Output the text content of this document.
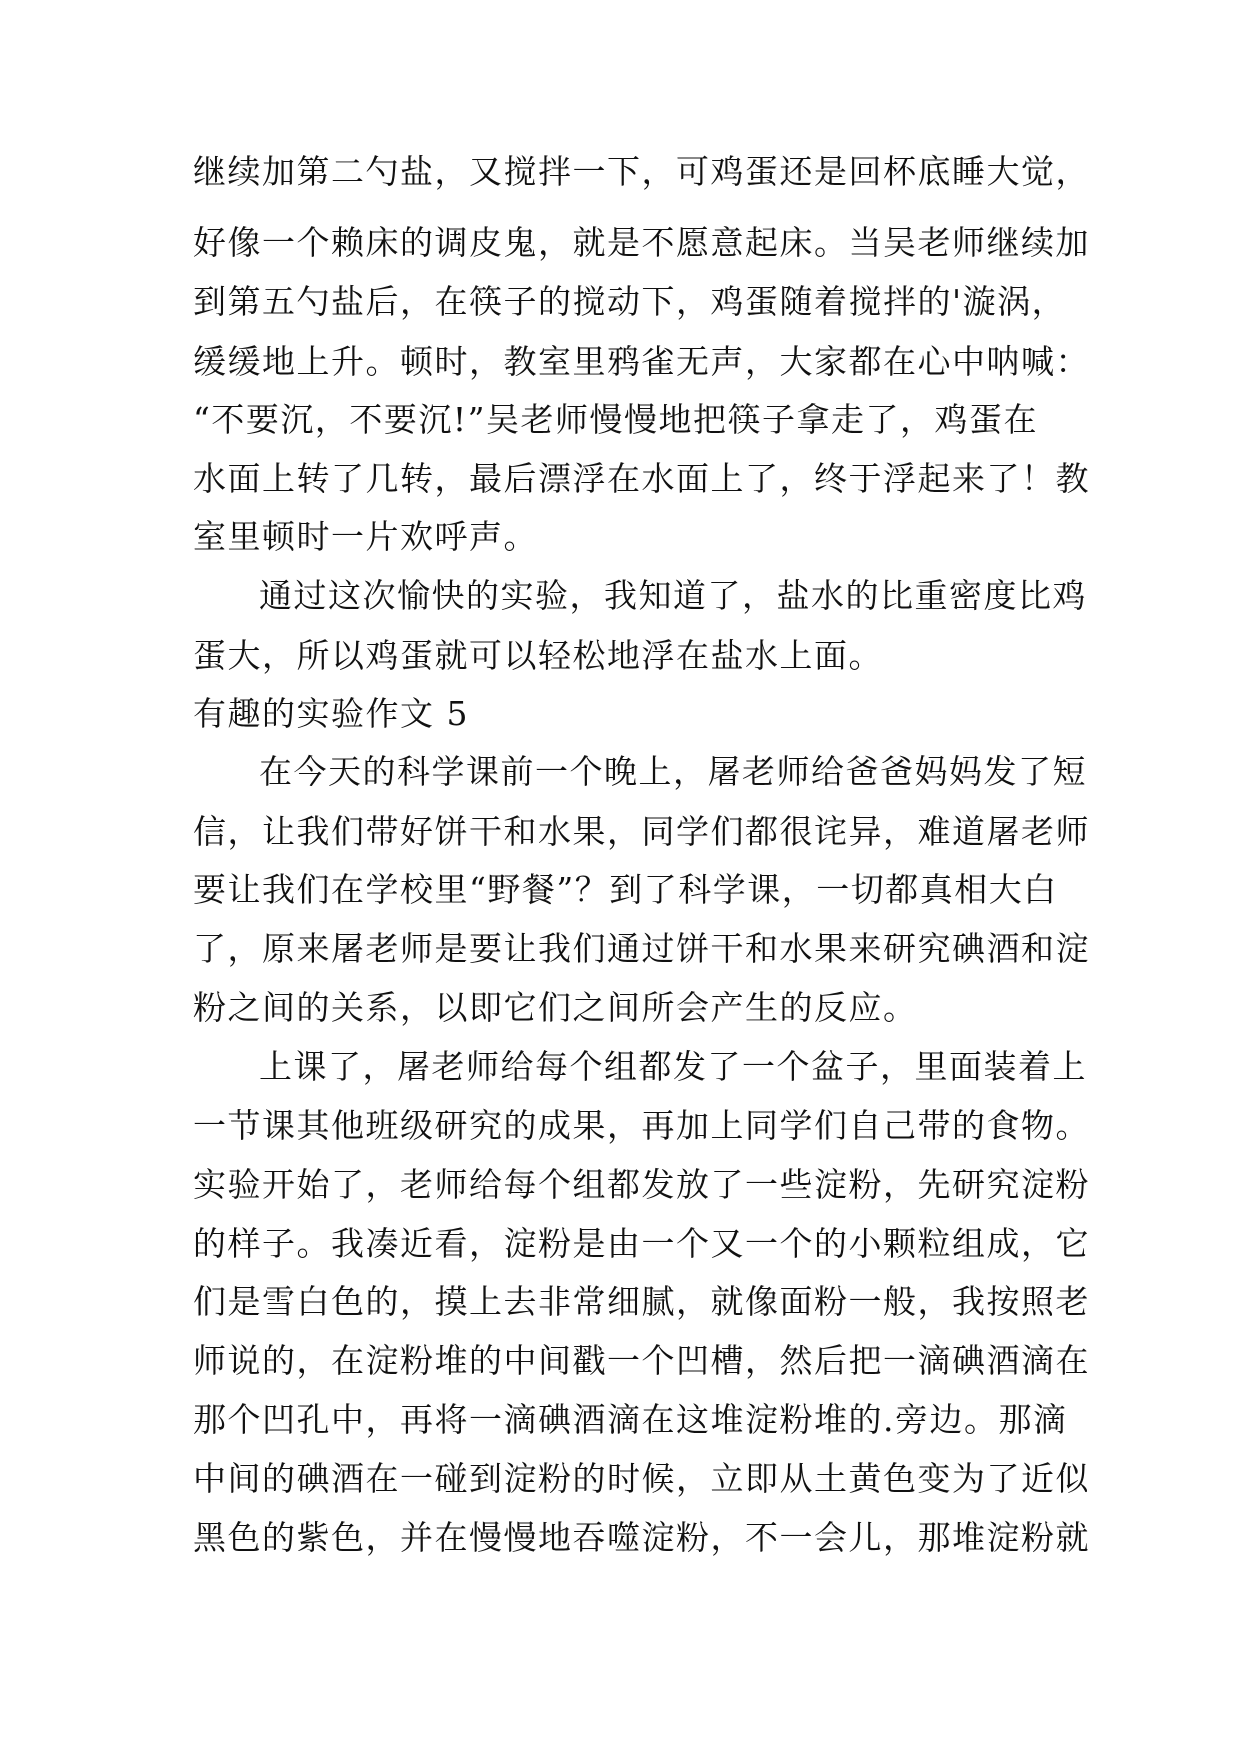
继续加第二勺盐，又搅拌一下，可鸡蛋还是回杯底睡大觉，
好像一个赖床的调皮鬼，就是不愿意起床。当吴老师继续加
到第五勺盐后，在筷子的搅动下，鸡蛋随着搅拌的'漩涡，
缓缓地上升。顿时，教室里鸦雀无声，大家都在心中呐喊：
“不要沉，不要沉!”吴老师慢慢地把筷子拿走了，鸡蛋在
水面上转了几转，最后漂浮在水面上了，终于浮起来了！教
室里顿时一片欢呼声。
通过这次愉快的实验，我知道了，盐水的比重密度比鸡
蛋大，所以鸡蛋就可以轻松地浮在盐水上面。
有趣的实验作文 5
在今天的科学课前一个晚上，屠老师给爸爸妈妈发了短
信，让我们带好饼干和水果，同学们都很诧异，难道屠老师
要让我们在学校里“野餐”？到了科学课，一切都真相大白
了，原来屠老师是要让我们通过饼干和水果来研究碘酒和淀
粉之间的关系，以即它们之间所会产生的反应。
上课了，屠老师给每个组都发了一个盆子，里面装着上
一节课其他班级研究的成果，再加上同学们自己带的食物。
实验开始了，老师给每个组都发放了一些淀粉，先研究淀粉
的样子。我凑近看，淀粉是由一个又一个的小颗粒组成，它
们是雪白色的，摸上去非常细腻，就像面粉一般，我按照老
师说的，在淀粉堆的中间戳一个凹槽，然后把一滴碘酒滴在
那个凹孔中，再将一滴碘酒滴在这堆淀粉堆的.旁边。那滴
中间的碘酒在一碰到淀粉的时候，立即从土黄色变为了近似
黑色的紫色，并在慢慢地吞噬淀粉，不一会儿，那堆淀粉就
